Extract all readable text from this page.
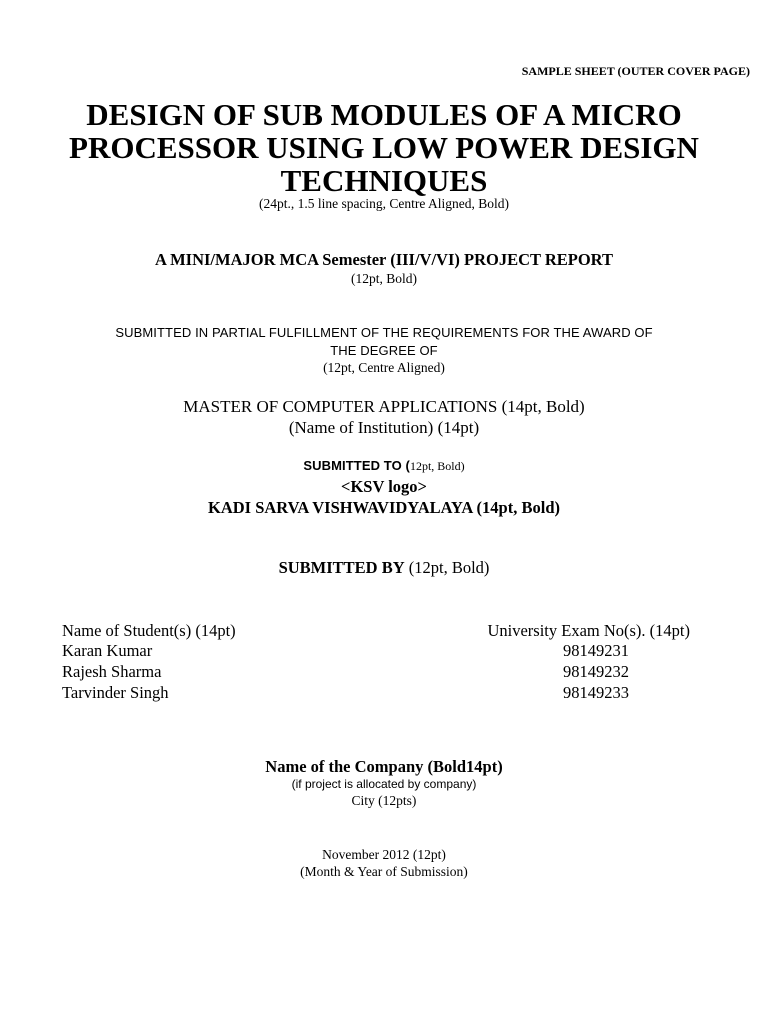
SAMPLE SHEET (OUTER COVER PAGE)
DESIGN OF SUB MODULES OF A MICRO
PROCESSOR USING LOW POWER DESIGN
TECHNIQUES
(24pt., 1.5 line spacing, Centre Aligned, Bold)
A MINI/MAJOR MCA Semester (III/V/VI) PROJECT REPORT
(12pt, Bold)
SUBMITTED IN PARTIAL FULFILLMENT OF THE REQUIREMENTS FOR THE AWARD OF
THE DEGREE OF
(12pt, Centre Aligned)
MASTER OF COMPUTER APPLICATIONS (14pt, Bold)
(Name of Institution) (14pt)
SUBMITTED TO (12pt, Bold)
<KSV logo>
KADI SARVA VISHWAVIDYALAYA (14pt, Bold)
SUBMITTED BY (12pt, Bold)
Name of Student(s) (14pt)	University Exam No(s). (14pt)
Karan Kumar	98149231
Rajesh Sharma	98149232
Tarvinder Singh	98149233
Name of the Company (Bold14pt)
(if project is allocated by company)
City (12pts)
November 2012 (12pt)
(Month & Year of Submission)
